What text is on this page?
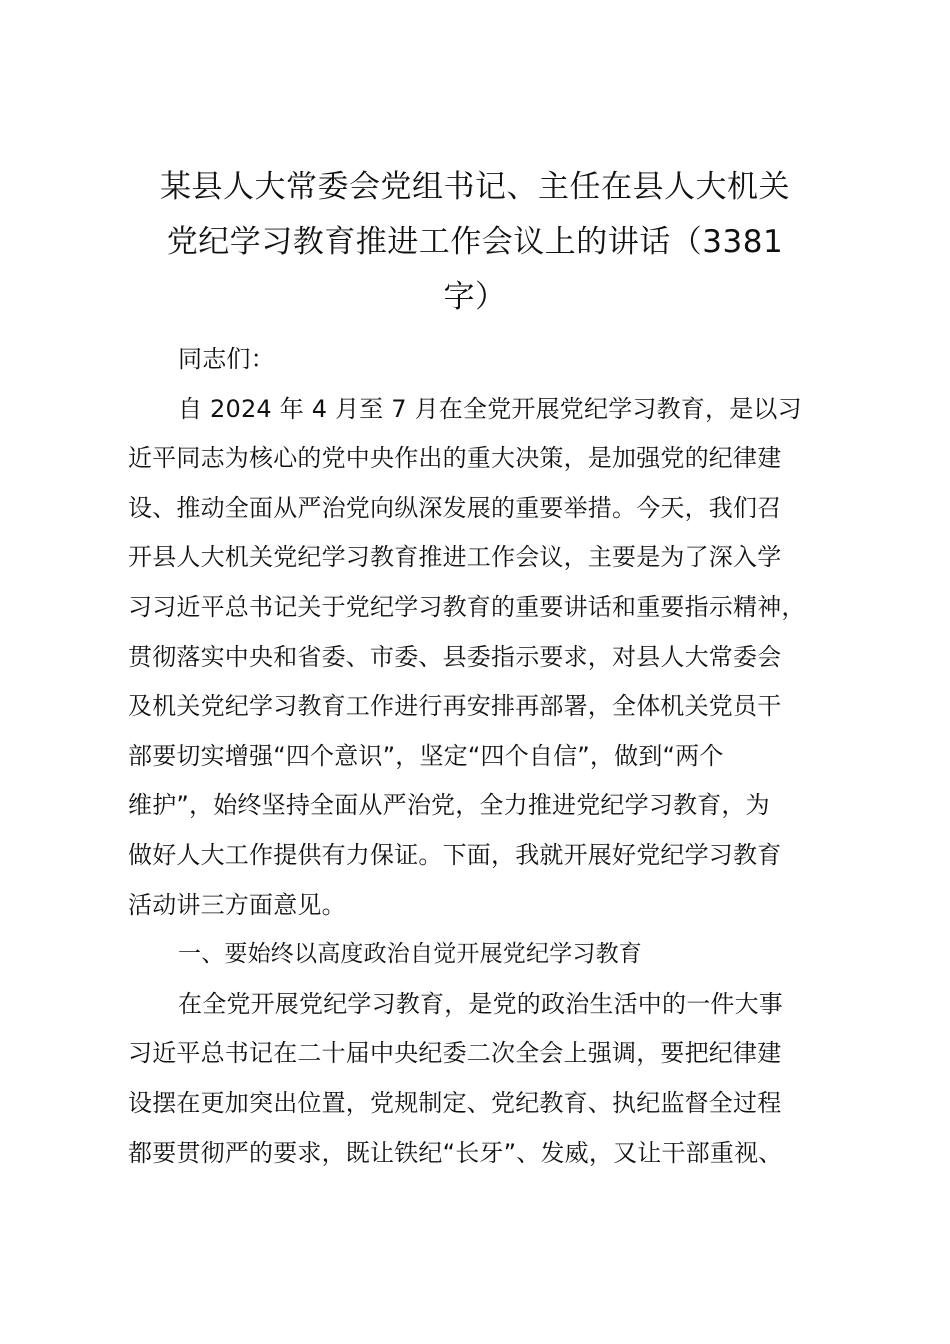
某县人大常委会党组书记、主任在县人大机关
党纪学习教育推进工作会议上的讲话（3381
字）
同志们：
自 2024 年 4 月至 7 月在全党开展党纪学习教育，是以习
近平同志为核心的党中央作出的重大决策，是加强党的纪律建
设、推动全面从严治党向纵深发展的重要举措。今天，我们召
开县人大机关党纪学习教育推进工作会议，主要是为了深入学
习习近平总书记关于党纪学习教育的重要讲话和重要指示精神，
贯彻落实中央和省委、市委、县委指示要求，对县人大常委会
及机关党纪学习教育工作进行再安排再部署，全体机关党员干
部要切实增强“四个意识”，坚定“四个自信”，做到“两个
维护”，始终坚持全面从严治党，全力推进党纪学习教育，为
做好人大工作提供有力保证。下面，我就开展好党纪学习教育
活动讲三方面意见。
一、要始终以高度政治自觉开展党纪学习教育
在全党开展党纪学习教育，是党的政治生活中的一件大事
习近平总书记在二十届中央纪委二次全会上强调，要把纪律建
设摆在更加突出位置，党规制定、党纪教育、执纪监督全过程
都要贯彻严的要求，既让铁纪“长牙”、发威，又让干部重视、
